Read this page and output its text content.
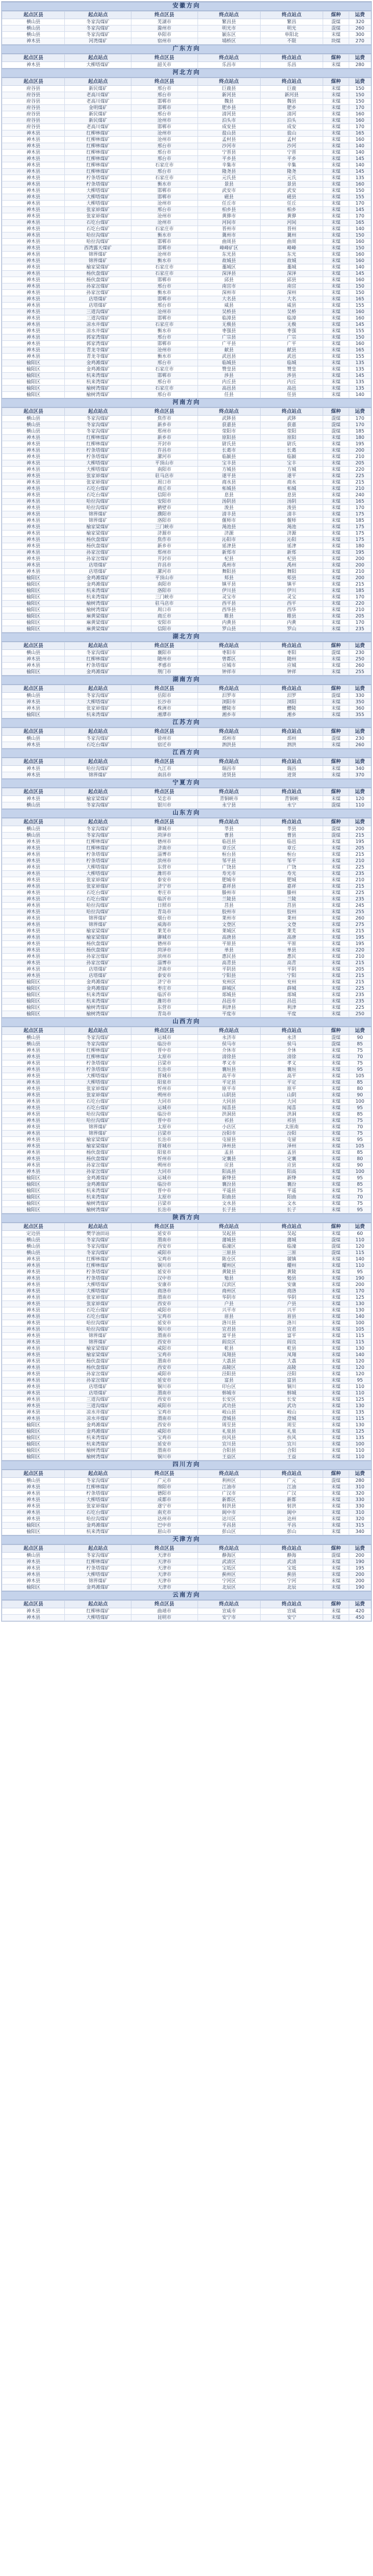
安徽方向
起点区县	起点站点	终点区县	终点站点	终点站点	煤种	运费
横山县	冬家沟煤矿	芜湖市	繁昌县	繁昌	混煤	320
横山县	冬家沟煤矿	滁州市	明光市	明光	混煤	260
横山县	冬家沟煤矿	阜阳市	颍东区	阜阳北	末煤	300
神木县	河湾煤矿	宿州市	埇桥区	不限	块煤	270
广东方向
起点区县	起点站点	终点区县	终点站点	终点站点	煤种	运费
神木县	大柳塔煤矿	韶关市	乐昌市	乐昌	末煤	280
河北方向
起点区县	起点站点	终点区县	终点站点	终点站点	煤种	运费
府谷县	新民煤矿	邢台市	巨鹿县	巨鹿	末煤	150
府谷县	老高川煤矿	邢台市	新河县	新河县	末煤	150
府谷县	老高川煤矿	邯郸市	魏县	魏县	末煤	150
府谷县	金明煤矿	邯郸市	肥乡县	肥乡	末煤	170
府谷县	新民煤矿	邢台市	清河县	清河	末煤	160
府谷县	新民煤矿	沧州市	泊头市	泊头	末煤	160
府谷县	老高川煤矿	邯郸市	成安县	成安	末煤	170
神木县	红柳林煤矿	沧州市	盐山县	盐山	末煤	165
神木县	红柳林煤矿	沧州市	孟村县	孟村	末煤	160
神木县	红柳林煤矿	邢台市	沙河市	沙河	末煤	140
神木县	红柳林煤矿	邢台市	宁晋县	宁晋	末煤	140
神木县	红柳林煤矿	邢台市	平乡县	平乡	末煤	145
神木县	红柳林煤矿	石家庄市	辛集市	辛集	末煤	140
神木县	红柳林煤矿	邢台市	隆尧县	隆尧	末煤	145
神木县	柠条塔煤矿	石家庄市	元氏县	元氏	末煤	135
神木县	柠条塔煤矿	衡水市	景县	景县	末煤	160
神木县	大柳塔煤矿	邯郸市	武安市	武安	末煤	150
神木县	大柳塔煤矿	邯郸市	磁县	磁县	末煤	155
神木县	大柳塔煤矿	沧州市	任丘市	任丘	末煤	170
神木县	张家峁煤矿	邢台市	柏乡县	柏乡	末煤	145
神木县	张家峁煤矿	沧州市	黄骅市	黄骅	末煤	170
神木县	石圪台煤矿	沧州市	河间市	河间	末煤	165
神木县	石圪台煤矿	石家庄市	晋州市	晋州	末煤	140
神木县	哈拉沟煤矿	衡水市	冀州市	冀州	末煤	150
神木县	哈拉沟煤矿	邯郸市	曲周县	曲周	末煤	160
神木县	西湾露天煤矿	邯郸市	峰峰矿区	峰峰	末煤	150
神木县	锦界煤矿	沧州市	东光县	东光	末煤	160
神木县	锦界煤矿	衡水市	故城县	故城	末煤	160
神木县	榆家梁煤矿	石家庄市	藁城区	藁城	末煤	140
神木县	杨伙盘煤矿	石家庄市	深泽县	深泽	末煤	145
神木县	杨伙盘煤矿	邯郸市	邱县	邱县	末煤	160
神木县	孙家岔煤矿	邢台市	南宫市	南宫	末煤	150
神木县	孙家岔煤矿	衡水市	深州市	深州	末煤	150
神木县	店塔煤矿	邯郸市	大名县	大名	末煤	165
神木县	店塔煤矿	邢台市	威县	威县	末煤	155
神木县	三道沟煤矿	沧州市	吴桥县	吴桥	末煤	160
神木县	三道沟煤矿	邯郸市	临漳县	临漳	末煤	160
神木县	凉水井煤矿	石家庄市	无极县	无极	末煤	145
神木县	凉水井煤矿	衡水市	枣强县	枣强	末煤	155
神木县	郭家湾煤矿	邢台市	广宗县	广宗	末煤	150
神木县	郭家湾煤矿	邯郸市	广平县	广平	末煤	160
神木县	青龙寺煤矿	沧州市	献县	献县	末煤	165
神木县	青龙寺煤矿	衡水市	武邑县	武邑	末煤	155
榆阳区	金鸡滩煤矿	邢台市	临城县	临城	末煤	135
榆阳区	金鸡滩煤矿	石家庄市	赞皇县	赞皇	末煤	135
榆阳区	杭来湾煤矿	邯郸市	涉县	涉县	末煤	145
榆阳区	杭来湾煤矿	邢台市	内丘县	内丘	末煤	135
榆阳区	榆树湾煤矿	石家庄市	高邑县	高邑	末煤	135
榆阳区	榆树湾煤矿	邢台市	任县	任县	末煤	140
河南方向
起点区县	起点站点	终点区县	终点站点	终点站点	煤种	运费
横山县	冬家沟煤矿	焦作市	武陟县	武陟	混煤	170
横山县	冬家沟煤矿	新乡市	获嘉县	获嘉	混煤	170
横山县	冬家沟煤矿	郑州市	荥阳市	荥阳	混煤	185
神木县	红柳林煤矿	新乡市	原阳县	原阳	末煤	180
神木县	红柳林煤矿	开封市	尉氏县	尉氏	末煤	195
神木县	柠条塔煤矿	许昌市	长葛市	长葛	末煤	200
神木县	柠条塔煤矿	漯河市	临颍县	临颍	末煤	210
神木县	大柳塔煤矿	平顶山市	宝丰县	宝丰	末煤	205
神木县	大柳塔煤矿	南阳市	方城县	方城	末煤	220
神木县	张家峁煤矿	驻马店市	遂平县	遂平	末煤	225
神木县	张家峁煤矿	周口市	商水县	商水	末煤	215
神木县	石圪台煤矿	商丘市	柘城县	柘城	末煤	210
神木县	石圪台煤矿	信阳市	息县	息县	末煤	240
神木县	哈拉沟煤矿	安阳市	汤阴县	汤阴	末煤	165
神木县	哈拉沟煤矿	鹤壁市	浚县	浚县	末煤	170
神木县	锦界煤矿	濮阳市	清丰县	清丰	末煤	175
神木县	锦界煤矿	洛阳市	偃师市	偃师	末煤	185
神木县	榆家梁煤矿	三门峡市	渑池县	渑池	末煤	175
神木县	榆家梁煤矿	济源市	济源	济源	末煤	175
神木县	杨伙盘煤矿	焦作市	沁阳市	沁阳	末煤	175
神木县	杨伙盘煤矿	新乡市	延津县	延津	末煤	180
神木县	孙家岔煤矿	郑州市	新郑市	新郑	末煤	195
神木县	孙家岔煤矿	开封市	杞县	杞县	末煤	200
神木县	店塔煤矿	许昌市	禹州市	禹州	末煤	200
神木县	店塔煤矿	漯河市	舞阳县	舞阳	末煤	210
榆阳区	金鸡滩煤矿	平顶山市	郏县	郏县	末煤	200
榆阳区	金鸡滩煤矿	南阳市	镇平县	镇平	末煤	215
榆阳区	杭来湾煤矿	洛阳市	伊川县	伊川	末煤	185
榆阳区	杭来湾煤矿	三门峡市	灵宝市	灵宝	末煤	170
榆阳区	榆树湾煤矿	驻马店市	西平县	西平	末煤	220
榆阳区	榆树湾煤矿	周口市	西华县	西华	末煤	210
榆阳区	麻黄梁煤矿	商丘市	睢县	睢县	末煤	205
榆阳区	麻黄梁煤矿	安阳市	内黄县	内黄	末煤	170
榆阳区	麻黄梁煤矿	信阳市	罗山县	罗山	末煤	235
湖北方向
起点区县	起点站点	终点区县	终点站点	终点站点	煤种	运费
横山县	冬家沟煤矿	襄阳市	枣阳市	枣阳	混煤	230
神木县	红柳林煤矿	随州市	曾都区	随州	末煤	250
神木县	柠条塔煤矿	孝感市	应城市	应城	末煤	260
榆阳区	金鸡滩煤矿	荆门市	钟祥市	钟祥	末煤	255
湖南方向
起点区县	起点站点	终点区县	终点站点	终点站点	煤种	运费
横山县	冬家沟煤矿	岳阳市	汨罗市	汨罗	混煤	330
神木县	大柳塔煤矿	长沙市	浏阳市	浏阳	末煤	350
神木县	张家峁煤矿	株洲市	醴陵市	醴陵	末煤	360
榆阳区	杭来湾煤矿	湘潭市	湘乡市	湘乡	末煤	355
江苏方向
起点区县	起点站点	终点区县	终点站点	终点站点	煤种	运费
横山县	冬家沟煤矿	徐州市	邳州市	邳州	混煤	230
神木县	石圪台煤矿	宿迁市	泗洪县	泗洪	末煤	260
江西方向
起点区县	起点站点	终点区县	终点站点	终点站点	煤种	运费
神木县	哈拉沟煤矿	九江市	瑞昌市	瑞昌	末煤	340
神木县	锦界煤矿	南昌市	进贤县	进贤	末煤	370
宁夏方向
起点区县	起点站点	终点区县	终点站点	终点站点	煤种	运费
神木县	榆家梁煤矿	吴忠市	青铜峡市	青铜峡	末煤	120
横山县	冬家沟煤矿	银川市	永宁县	永宁	混煤	110
山东方向
起点区县	起点站点	终点区县	终点站点	终点站点	煤种	运费
横山县	冬家沟煤矿	聊城市	莘县	莘县	混煤	200
横山县	冬家沟煤矿	菏泽市	曹县	曹县	混煤	215
神木县	红柳林煤矿	德州市	临邑县	临邑	末煤	195
神木县	红柳林煤矿	济南市	章丘区	章丘	末煤	205
神木县	柠条塔煤矿	淄博市	桓台县	桓台	末煤	215
神木县	柠条塔煤矿	滨州市	邹平县	邹平	末煤	210
神木县	大柳塔煤矿	东营市	广饶县	广饶	末煤	225
神木县	大柳塔煤矿	潍坊市	寿光市	寿光	末煤	235
神木县	张家峁煤矿	泰安市	肥城市	肥城	末煤	210
神木县	张家峁煤矿	济宁市	嘉祥县	嘉祥	末煤	215
神木县	石圪台煤矿	枣庄市	滕州市	滕州	末煤	225
神木县	石圪台煤矿	临沂市	兰陵县	兰陵	末煤	235
神木县	哈拉沟煤矿	日照市	莒县	莒县	末煤	245
神木县	哈拉沟煤矿	青岛市	胶州市	胶州	末煤	255
神木县	锦界煤矿	烟台市	莱州市	莱州	末煤	260
神木县	锦界煤矿	威海市	文登区	文登	末煤	275
神木县	榆家梁煤矿	莱芜市	莱城区	莱芜	末煤	215
神木县	榆家梁煤矿	聊城市	高唐县	高唐	末煤	195
神木县	杨伙盘煤矿	德州市	平原县	平原	末煤	195
神木县	杨伙盘煤矿	菏泽市	单县	单县	末煤	220
神木县	孙家岔煤矿	滨州市	惠民县	惠民	末煤	210
神木县	孙家岔煤矿	淄博市	高青县	高青	末煤	215
神木县	店塔煤矿	济南市	平阴县	平阴	末煤	205
神木县	店塔煤矿	泰安市	宁阳县	宁阳	末煤	215
榆阳区	金鸡滩煤矿	济宁市	兖州区	兖州	末煤	215
榆阳区	金鸡滩煤矿	枣庄市	薛城区	薛城	末煤	225
榆阳区	杭来湾煤矿	临沂市	郯城县	郯城	末煤	235
榆阳区	杭来湾煤矿	潍坊市	昌邑市	昌邑	末煤	235
榆阳区	榆树湾煤矿	东营市	利津县	利津	末煤	225
榆阳区	榆树湾煤矿	青岛市	平度市	平度	末煤	250
山西方向
起点区县	起点站点	终点区县	终点站点	终点站点	煤种	运费
横山县	冬家沟煤矿	运城市	永济市	永济	混煤	90
横山县	冬家沟煤矿	临汾市	侯马市	侯马	混煤	85
神木县	红柳林煤矿	晋中市	介休市	介休	末煤	75
神木县	红柳林煤矿	太原市	清徐县	清徐	末煤	70
神木县	柠条塔煤矿	吕梁市	孝义市	孝义	末煤	75
神木县	柠条塔煤矿	长治市	襄垣县	襄垣	末煤	95
神木县	大柳塔煤矿	晋城市	高平市	高平	末煤	105
神木县	大柳塔煤矿	阳泉市	平定县	平定	末煤	85
神木县	张家峁煤矿	忻州市	原平市	原平	末煤	80
神木县	张家峁煤矿	朔州市	山阴县	山阴	末煤	90
神木县	石圪台煤矿	大同市	大同县	大同	末煤	100
神木县	石圪台煤矿	运城市	闻喜县	闻喜	末煤	95
神木县	哈拉沟煤矿	临汾市	洪洞县	洪洞	末煤	85
神木县	哈拉沟煤矿	晋中市	祁县	祁县	末煤	75
神木县	锦界煤矿	太原市	小店区	太原南	末煤	70
神木县	锦界煤矿	吕梁市	汾阳市	汾阳	末煤	75
神木县	榆家梁煤矿	长治市	屯留县	屯留	末煤	95
神木县	榆家梁煤矿	晋城市	泽州县	泽州	末煤	105
神木县	杨伙盘煤矿	阳泉市	盂县	盂县	末煤	85
神木县	杨伙盘煤矿	忻州市	定襄县	定襄	末煤	80
神木县	孙家岔煤矿	朔州市	应县	应县	末煤	90
神木县	孙家岔煤矿	大同市	阳高县	阳高	末煤	100
榆阳区	金鸡滩煤矿	运城市	新绛县	新绛	末煤	95
榆阳区	金鸡滩煤矿	临汾市	襄汾县	襄汾	末煤	85
榆阳区	杭来湾煤矿	晋中市	平遥县	平遥	末煤	75
榆阳区	杭来湾煤矿	太原市	阳曲县	阳曲	末煤	70
榆阳区	榆树湾煤矿	吕梁市	文水县	文水	末煤	75
榆阳区	榆树湾煤矿	长治市	长子县	长子	末煤	95
陕西方向
起点区县	起点站点	终点区县	终点站点	终点站点	煤种	运费
定边县	樊学油田站	延安市	吴起县	吴起	末煤	60
横山县	冬家沟煤矿	渭南市	蒲城县	蒲城	混煤	110
横山县	冬家沟煤矿	西安市	临潼区	临潼	混煤	120
横山县	冬家沟煤矿	咸阳市	三原县	三原	混煤	115
神木县	红柳林煤矿	宝鸡市	陈仓区	虢镇	末煤	140
神木县	红柳林煤矿	铜川市	耀州区	耀州	末煤	110
神木县	柠条塔煤矿	延安市	黄陵县	黄陵	末煤	95
神木县	柠条塔煤矿	汉中市	勉县	勉县	末煤	190
神木县	大柳塔煤矿	安康市	汉滨区	安康	末煤	200
神木县	大柳塔煤矿	商洛市	商州区	商洛	末煤	170
神木县	张家峁煤矿	渭南市	华阴市	华阴	末煤	125
神木县	张家峁煤矿	西安市	户县	户县	末煤	130
神木县	石圪台煤矿	咸阳市	兴平市	兴平	末煤	130
神木县	石圪台煤矿	宝鸡市	眉县	眉县	末煤	140
神木县	哈拉沟煤矿	延安市	洛川县	洛川	末煤	100
神木县	哈拉沟煤矿	铜川市	宜君县	宜君	末煤	105
神木县	锦界煤矿	渭南市	富平县	富平	末煤	115
神木县	锦界煤矿	西安市	阎良区	阎良	末煤	115
神木县	榆家梁煤矿	咸阳市	乾县	乾县	末煤	130
神木县	榆家梁煤矿	宝鸡市	凤翔县	凤翔	末煤	140
神木县	杨伙盘煤矿	渭南市	大荔县	大荔	末煤	120
神木县	杨伙盘煤矿	西安市	高陵区	高陵	末煤	120
神木县	孙家岔煤矿	咸阳市	泾阳县	泾阳	末煤	120
神木县	孙家岔煤矿	延安市	富县	富县	末煤	95
神木县	店塔煤矿	铜川市	印台区	铜川	末煤	110
神木县	店塔煤矿	渭南市	韩城市	韩城	末煤	110
神木县	三道沟煤矿	西安市	长安区	长安	末煤	125
神木县	三道沟煤矿	咸阳市	武功县	武功	末煤	130
神木县	凉水井煤矿	宝鸡市	岐山县	岐山	末煤	135
神木县	凉水井煤矿	渭南市	澄城县	澄城	末煤	115
榆阳区	金鸡滩煤矿	西安市	周至县	周至	末煤	130
榆阳区	金鸡滩煤矿	咸阳市	礼泉县	礼泉	末煤	125
榆阳区	杭来湾煤矿	宝鸡市	扶风县	扶风	末煤	135
榆阳区	杭来湾煤矿	延安市	宜川县	宜川	末煤	100
榆阳区	榆树湾煤矿	渭南市	合阳县	合阳	末煤	110
榆阳区	榆树湾煤矿	铜川市	王益区	王益	末煤	110
四川方向
起点区县	起点站点	终点区县	终点站点	终点站点	煤种	运费
横山县	冬家沟煤矿	广元市	利州区	广元	混煤	280
神木县	红柳林煤矿	绵阳市	江油市	江油	末煤	310
神木县	柠条塔煤矿	德阳市	广汉市	广汉	末煤	320
神木县	大柳塔煤矿	成都市	新都区	新都	末煤	330
神木县	张家峁煤矿	遂宁市	射洪县	射洪	末煤	330
神木县	石圪台煤矿	南充市	阆中市	阆中	末煤	310
神木县	哈拉沟煤矿	达州市	达川区	达州	末煤	320
榆阳区	金鸡滩煤矿	巴中市	平昌县	平昌	末煤	315
榆阳区	杭来湾煤矿	眉山市	彭山区	彭山	末煤	340
天津方向
起点区县	起点站点	终点区县	终点站点	终点站点	煤种	运费
横山县	冬家沟煤矿	天津市	静海区	静海	混煤	200
神木县	红柳林煤矿	天津市	武清区	武清	末煤	190
神木县	柠条塔煤矿	天津市	宝坻区	宝坻	末煤	195
神木县	大柳塔煤矿	天津市	蓟州区	蓟县	末煤	200
神木县	锦界煤矿	天津市	宁河区	宁河	末煤	200
榆阳区	金鸡滩煤矿	天津市	北辰区	北辰	末煤	190
云南方向
起点区县	起点站点	终点区县	终点站点	终点站点	煤种	运费
神木县	红柳林煤矿	曲靖市	宣威市	宣威	末煤	420
神木县	大柳塔煤矿	昆明市	安宁市	安宁	末煤	450
